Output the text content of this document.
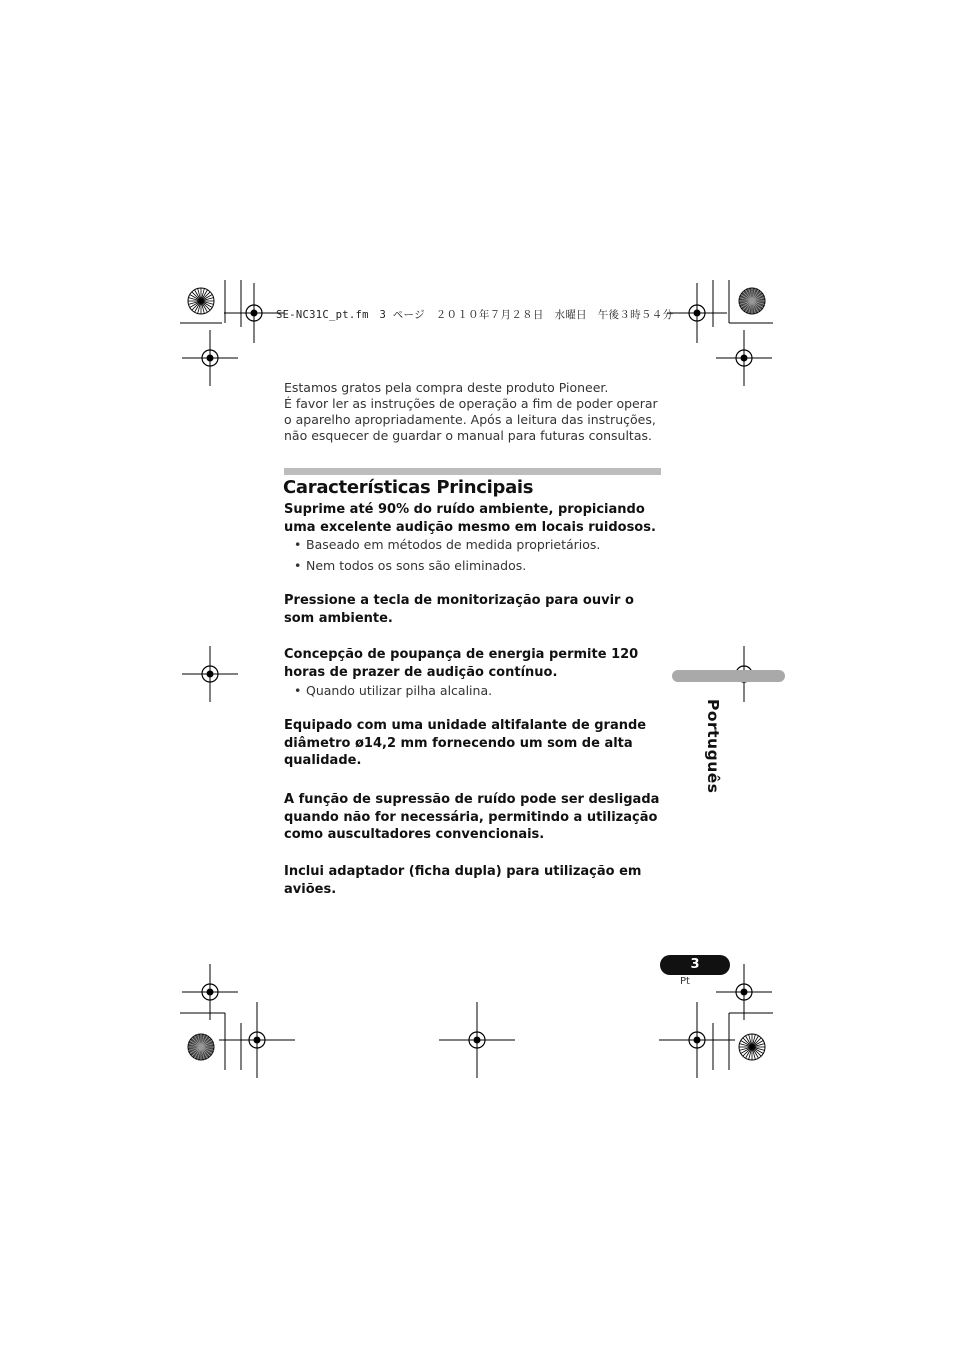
SE-NC31C_pt.fm　3 ページ　２０１０年７月２８日　水曜日　午後３時５４分

Estamos gratos pela compra deste produto Pioneer.

É favor ler as instruções de operação a fim de poder operar o aparelho apropriadamente. Após a leitura das instruções, não esquecer de guardar o manual para futuras consultas.

Características Principais

Suprime até 90% do ruído ambiente, propiciando uma excelente audição mesmo em locais ruidosos.

• Baseado em métodos de medida proprietários.
• Nem todos os sons são eliminados.

Pressione a tecla de monitorização para ouvir o som ambiente.

Concepção de poupança de energia permite 120 horas de prazer de audição contínuo.

• Quando utilizar pilha alcalina.

Equipado com uma unidade altifalante de grande diâmetro ø14,2 mm fornecendo um som de alta qualidade.

A função de supressão de ruído pode ser desligada quando não for necessária, permitindo a utilização como auscultadores convencionais.

Inclui adaptador (ficha dupla) para utilização em aviões.

Português
3
Pt
